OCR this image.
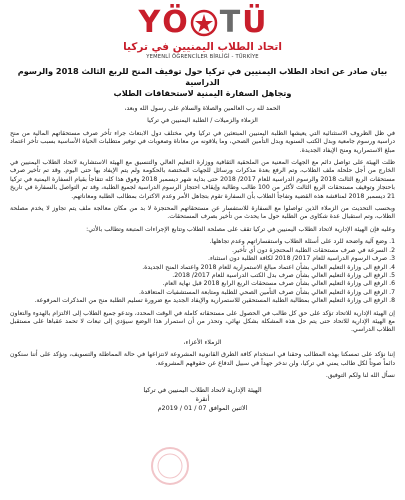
Y Ö T Ü
اتحاد الطلاب اليمنيين في تركيا
YEMENLİ ÖĞRENCİLER BİRLİĞİ - TÜRKİYE
بيان صادر عن اتحاد الطلاب اليمنيين في تركيا حول توقيف المنح للربع الثالث 2018 والرسوم الدراسية
وتجاهل السفارة اليمنية لاستحقاقات الطلاب

الحمد لله رب العالمين والصلاة والسلام على رسول الله وبعد،

الزملاء والزميلات / الطلبة اليمنيين في تركيا

في ظل الظروف الاستثنائية التي يعيشها الطلبة اليمنيين المبتعثين في تركيا وفي مختلف دول الابتعاث جراء تأخر صرف مستحقاتهم المالية من منح دراسية ورسوم جامعية وبدل الكتب السنوية وبدل التأمين الصحي، وما يلاقونه من معاناة وصعوبات في توفير متطلبات الحياة الأساسية بسبب تأخر اعتماد مبلغ الاستمرارية ومنح الإيفاد الجديدة.

ظلت الهيئة على تواصل دائم مع الجهات المعنية من الملحقية الثقافية ووزارة التعليم العالي والتنسيق مع الهيئة الاستشارية لاتحاد الطلاب اليمنيين في الخارج من أجل حلحلة ملف الطلاب، وتم الرفع بعدة مذكرات ورسائل للجهات المختصة بالحكومة ولم يتم الإيفاد بها حتى اليوم. وقد تم تأخير صرف مستحقات الربع الثالث 2018 والرسوم الدراسية للعام 2017/ 2018 حتى بداية شهر ديسمبر 2018 وفوق هذا كله تتفاجأ بقيام السفارة اليمنية في تركيا باحتجاز وتوقيف مستحقات الربع الثالث لأكثر من 100 طالب وطالبة وإيقاف احتجاز الرسوم الدراسية لجميع الطلبة، وقد تم التواصل بالسفارة في تاريخ 21 ديسمبر 2018 لمناقشة هذه القضية وتفاجأ الطلاب بأن السفارة تقوم بتجاهل الأمر وعدم الاكتراث بمطالب الطلبة ومعاناتهم.

وبحسب التحديث من الزملاء الذين تواصلوا مع السفارة للاستفسار عن مستحقاتهم المحتجزة لا بد من مكان معالجة ملف يتم تجاوز لا يخدم مصلحة الطلاب، وتم استقبال عدة شكاوى من الطلبة حول ما يحدث من تأخير بصرف المستحقات.

وعليه فإن الهيئة الإدارية لاتحاد الطلاب اليمنيين في تركيا تقف على مصلحة الطلاب وتتابع الإجراءات المتبعة وتطالب بالأتي:

1. وضع آلية واضحة للرد على أسئلة الطلاب واستفساراتهم وعدم تجاهلها.
2. السرعة في صرف مستحقات الطلبة المحتجزة دون أي تأخير.
3. صرف الرسوم الدراسية للعام 2017/ 2018 لكافة الطلبة دون استثناء.
4. الرفع الى وزارة التعليم العالي بشأن اعتماد مبالغ الاستمرارية للعام 2018 واعتماد المنح الجديدة.
5. الرفع الى وزارة التعليم العالي بشأن صرف بدل الكتب الدراسية للعام 2017/ 2018.
6. الرفع الى وزارة التعليم العالي بشأن صرف مستحقات الربع الرابع 2018 قبل نهاية العام.
7. الرفع الى وزارة التعليم العالي بشأن صرف التأمين الصحي للطلبة ومتابعة المستشفيات المتعاقدة.
8. الرفع الى وزارة التعليم العالي بمطالبة الطلبة المستحقين للاستمرارية والإيفاد الجديد مع ضرورة تسليم الطلبة منح من المذكرات المرفوعة.

إن الهيئة الإدارية للاتحاد تؤكد على حق كل طالب في الحصول على مستحقاته كاملة في الوقت المحدد، وتدعو جميع الطلاب إلى الالتزام بالهدوء والتعاون مع الهيئة الإدارية للاتحاد حتى يتم حل هذه المشكلة بشكل نهائي، وتحذر من أن استمرار هذا الوضع سيؤدي إلى تبعات لا تحمد عقباها على مستقبل الطلاب الدراسي.

الزملاء الأعزاء،

إننا نؤكد على تمسكنا بهذه المطالب وحقنا في استخدام كافة الطرق القانونية المشروعة لانتزاعها في حالة المماطلة والتسويف، ونؤكد على أننا سنكون دائماً صوتاً لكل طالب يمني في تركيا، ولن ندخر جهداً في سبيل الدفاع عن حقوقهم المشروعة.

نسأل الله لنا ولكم التوفيق.

الهيئة الإدارية لاتحاد الطلاب اليمنيين في تركيا
أنقرة
الاثنين الموافق 07 / 01 / 2019م
